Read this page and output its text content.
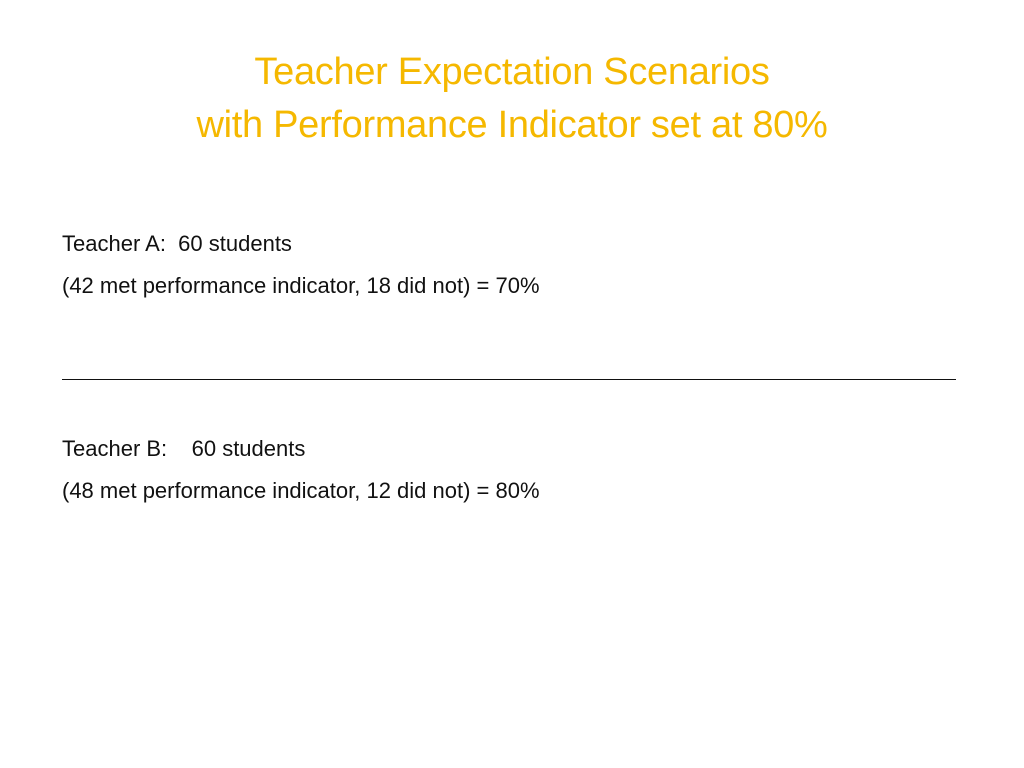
Teacher Expectation Scenarios
with Performance Indicator set at 80%
Teacher A:  60 students
(42 met performance indicator, 18 did not) = 70%
Teacher B:    60 students
(48 met performance indicator, 12 did not) = 80%
